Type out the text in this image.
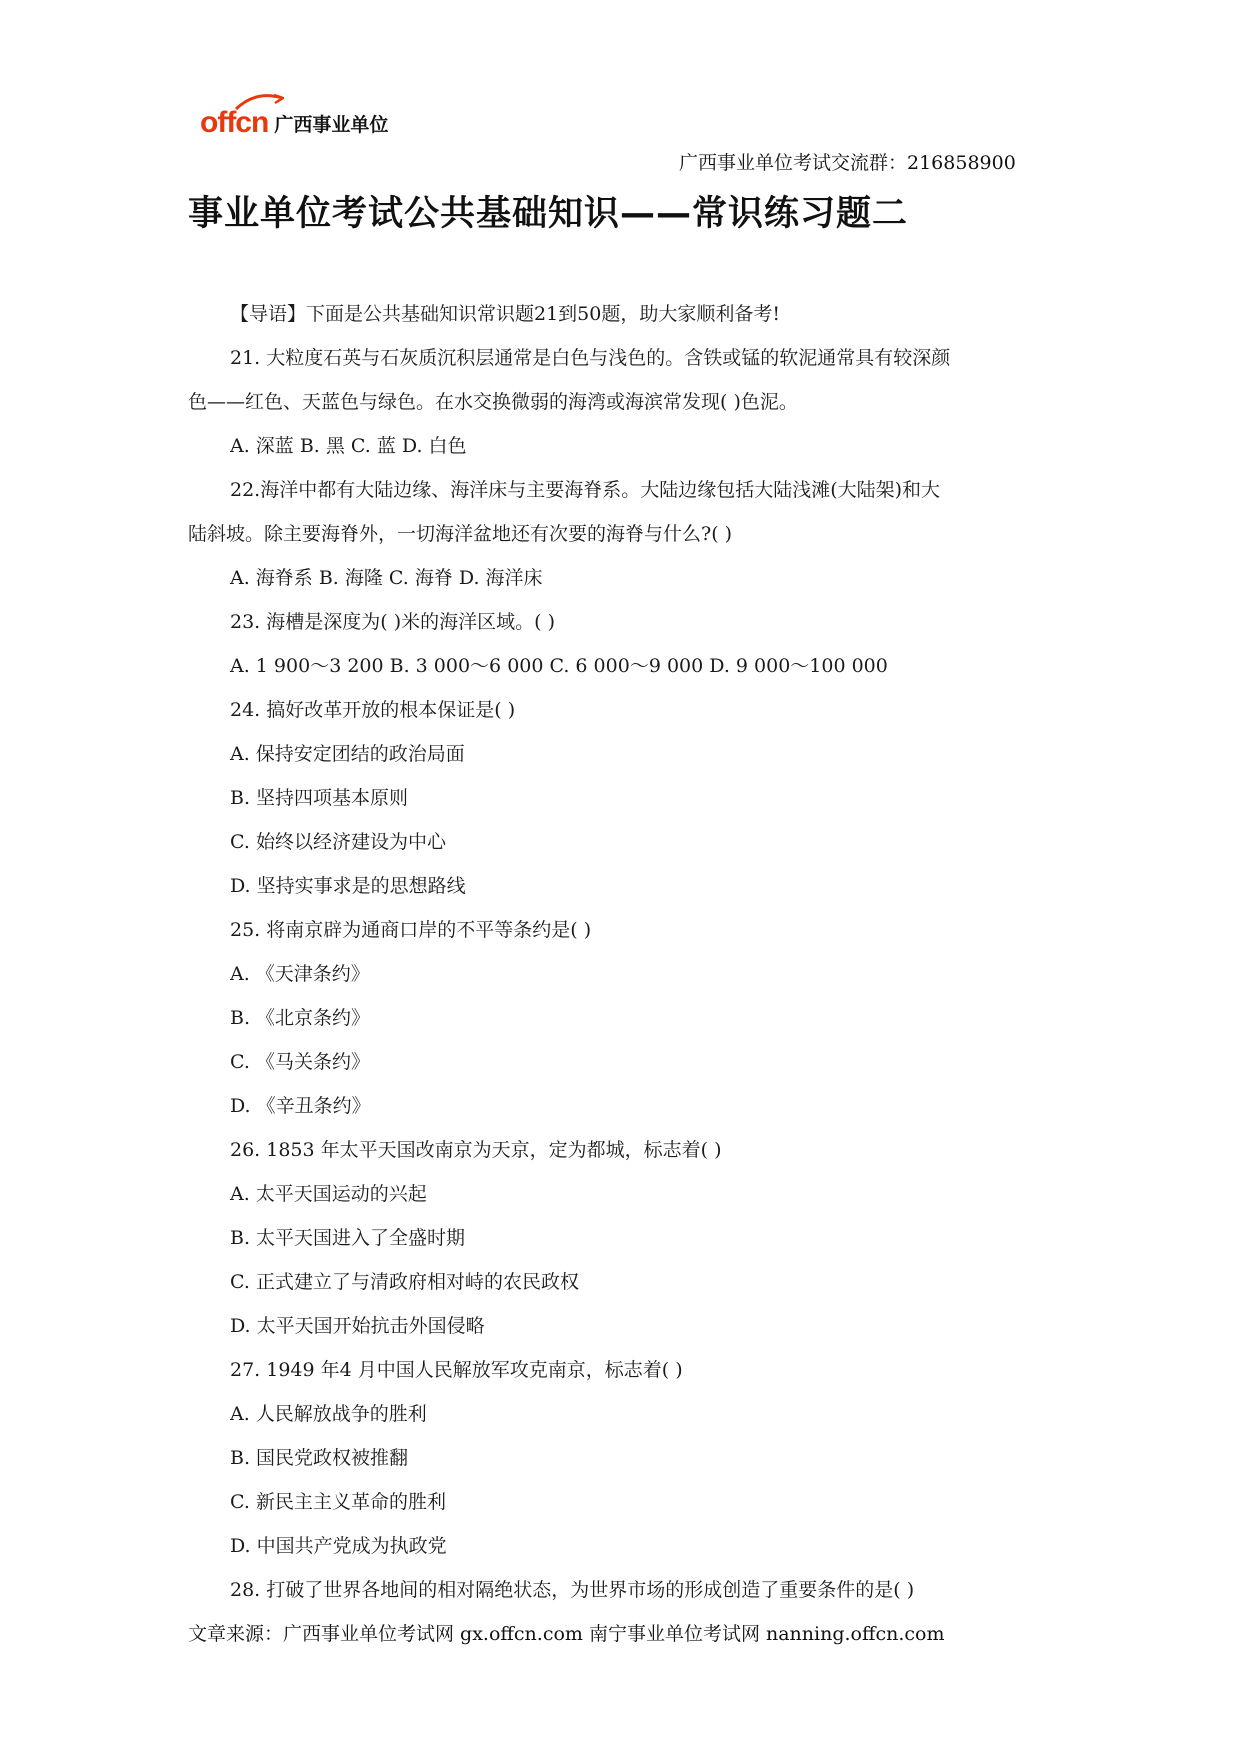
offcn 广西事业单位
广西事业单位考试交流群：216858900
事业单位考试公共基础知识——常识练习题二
【导语】下面是公共基础知识常识题21到50题，助大家顺利备考!
21. 大粒度石英与石灰质沉积层通常是白色与浅色的。含铁或锰的软泥通常具有较深颜
色——红色、天蓝色与绿色。在水交换微弱的海湾或海滨常发现( )色泥。
A. 深蓝 B. 黑 C. 蓝 D. 白色
22.海洋中都有大陆边缘、海洋床与主要海脊系。大陆边缘包括大陆浅滩(大陆架)和大
陆斜坡。除主要海脊外，一切海洋盆地还有次要的海脊与什么?( )
A. 海脊系 B. 海隆 C. 海脊 D. 海洋床
23. 海槽是深度为( )米的海洋区域。( )
A. 1 900～3 200 B. 3 000～6 000 C. 6 000～9 000 D. 9 000～100 000
24. 搞好改革开放的根本保证是( )
A. 保持安定团结的政治局面
B. 坚持四项基本原则
C. 始终以经济建设为中心
D. 坚持实事求是的思想路线
25. 将南京辟为通商口岸的不平等条约是( )
A. 《天津条约》
B. 《北京条约》
C. 《马关条约》
D. 《辛丑条约》
26. 1853 年太平天国改南京为天京，定为都城，标志着( )
A. 太平天国运动的兴起
B. 太平天国进入了全盛时期
C. 正式建立了与清政府相对峙的农民政权
D. 太平天国开始抗击外国侵略
27. 1949 年4 月中国人民解放军攻克南京，标志着( )
A. 人民解放战争的胜利
B. 国民党政权被推翻
C. 新民主主义革命的胜利
D. 中国共产党成为执政党
28. 打破了世界各地间的相对隔绝状态，为世界市场的形成创造了重要条件的是( )
文章来源：广西事业单位考试网 gx.offcn.com 南宁事业单位考试网 nanning.offcn.com
